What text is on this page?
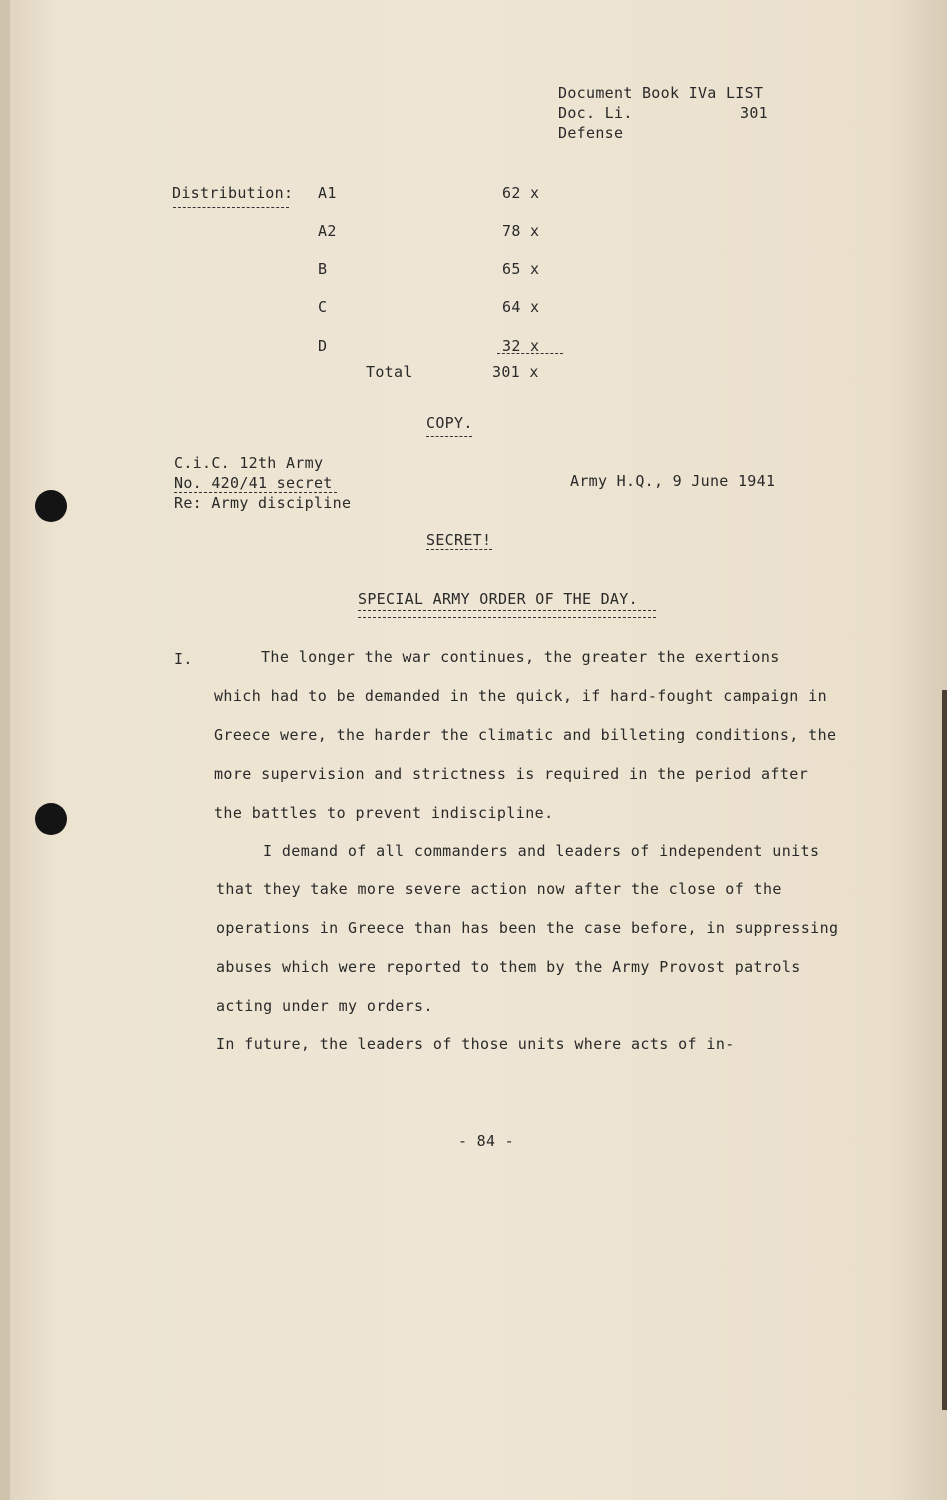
Document Book IVa LIST
Doc. Li.	301
Defense
Distribution: A1	62 x
A2	78 x
B	65 x
C	64 x
D	32 x
Total	301 x
COPY.
C.i.C. 12th Army
No. 420/41 secret
Re: Army discipline
Army H.Q., 9 June 1941
SECRET!
SPECIAL ARMY ORDER OF THE DAY.
I.	The longer the war continues, the greater the exertions
which had to be demanded in the quick, if hard-fought campaign in
Greece were, the harder the climatic and billeting conditions, the
more supervision and strictness is required in the period after
the battles to prevent indiscipline.
I demand of all commanders and leaders of independent units
that they take more severe action now after the close of the
operations in Greece than has been the case before, in suppressing
abuses which were reported to them by the Army Provost patrols
acting under my orders.
In future, the leaders of those units where acts of in-
- 84 -
